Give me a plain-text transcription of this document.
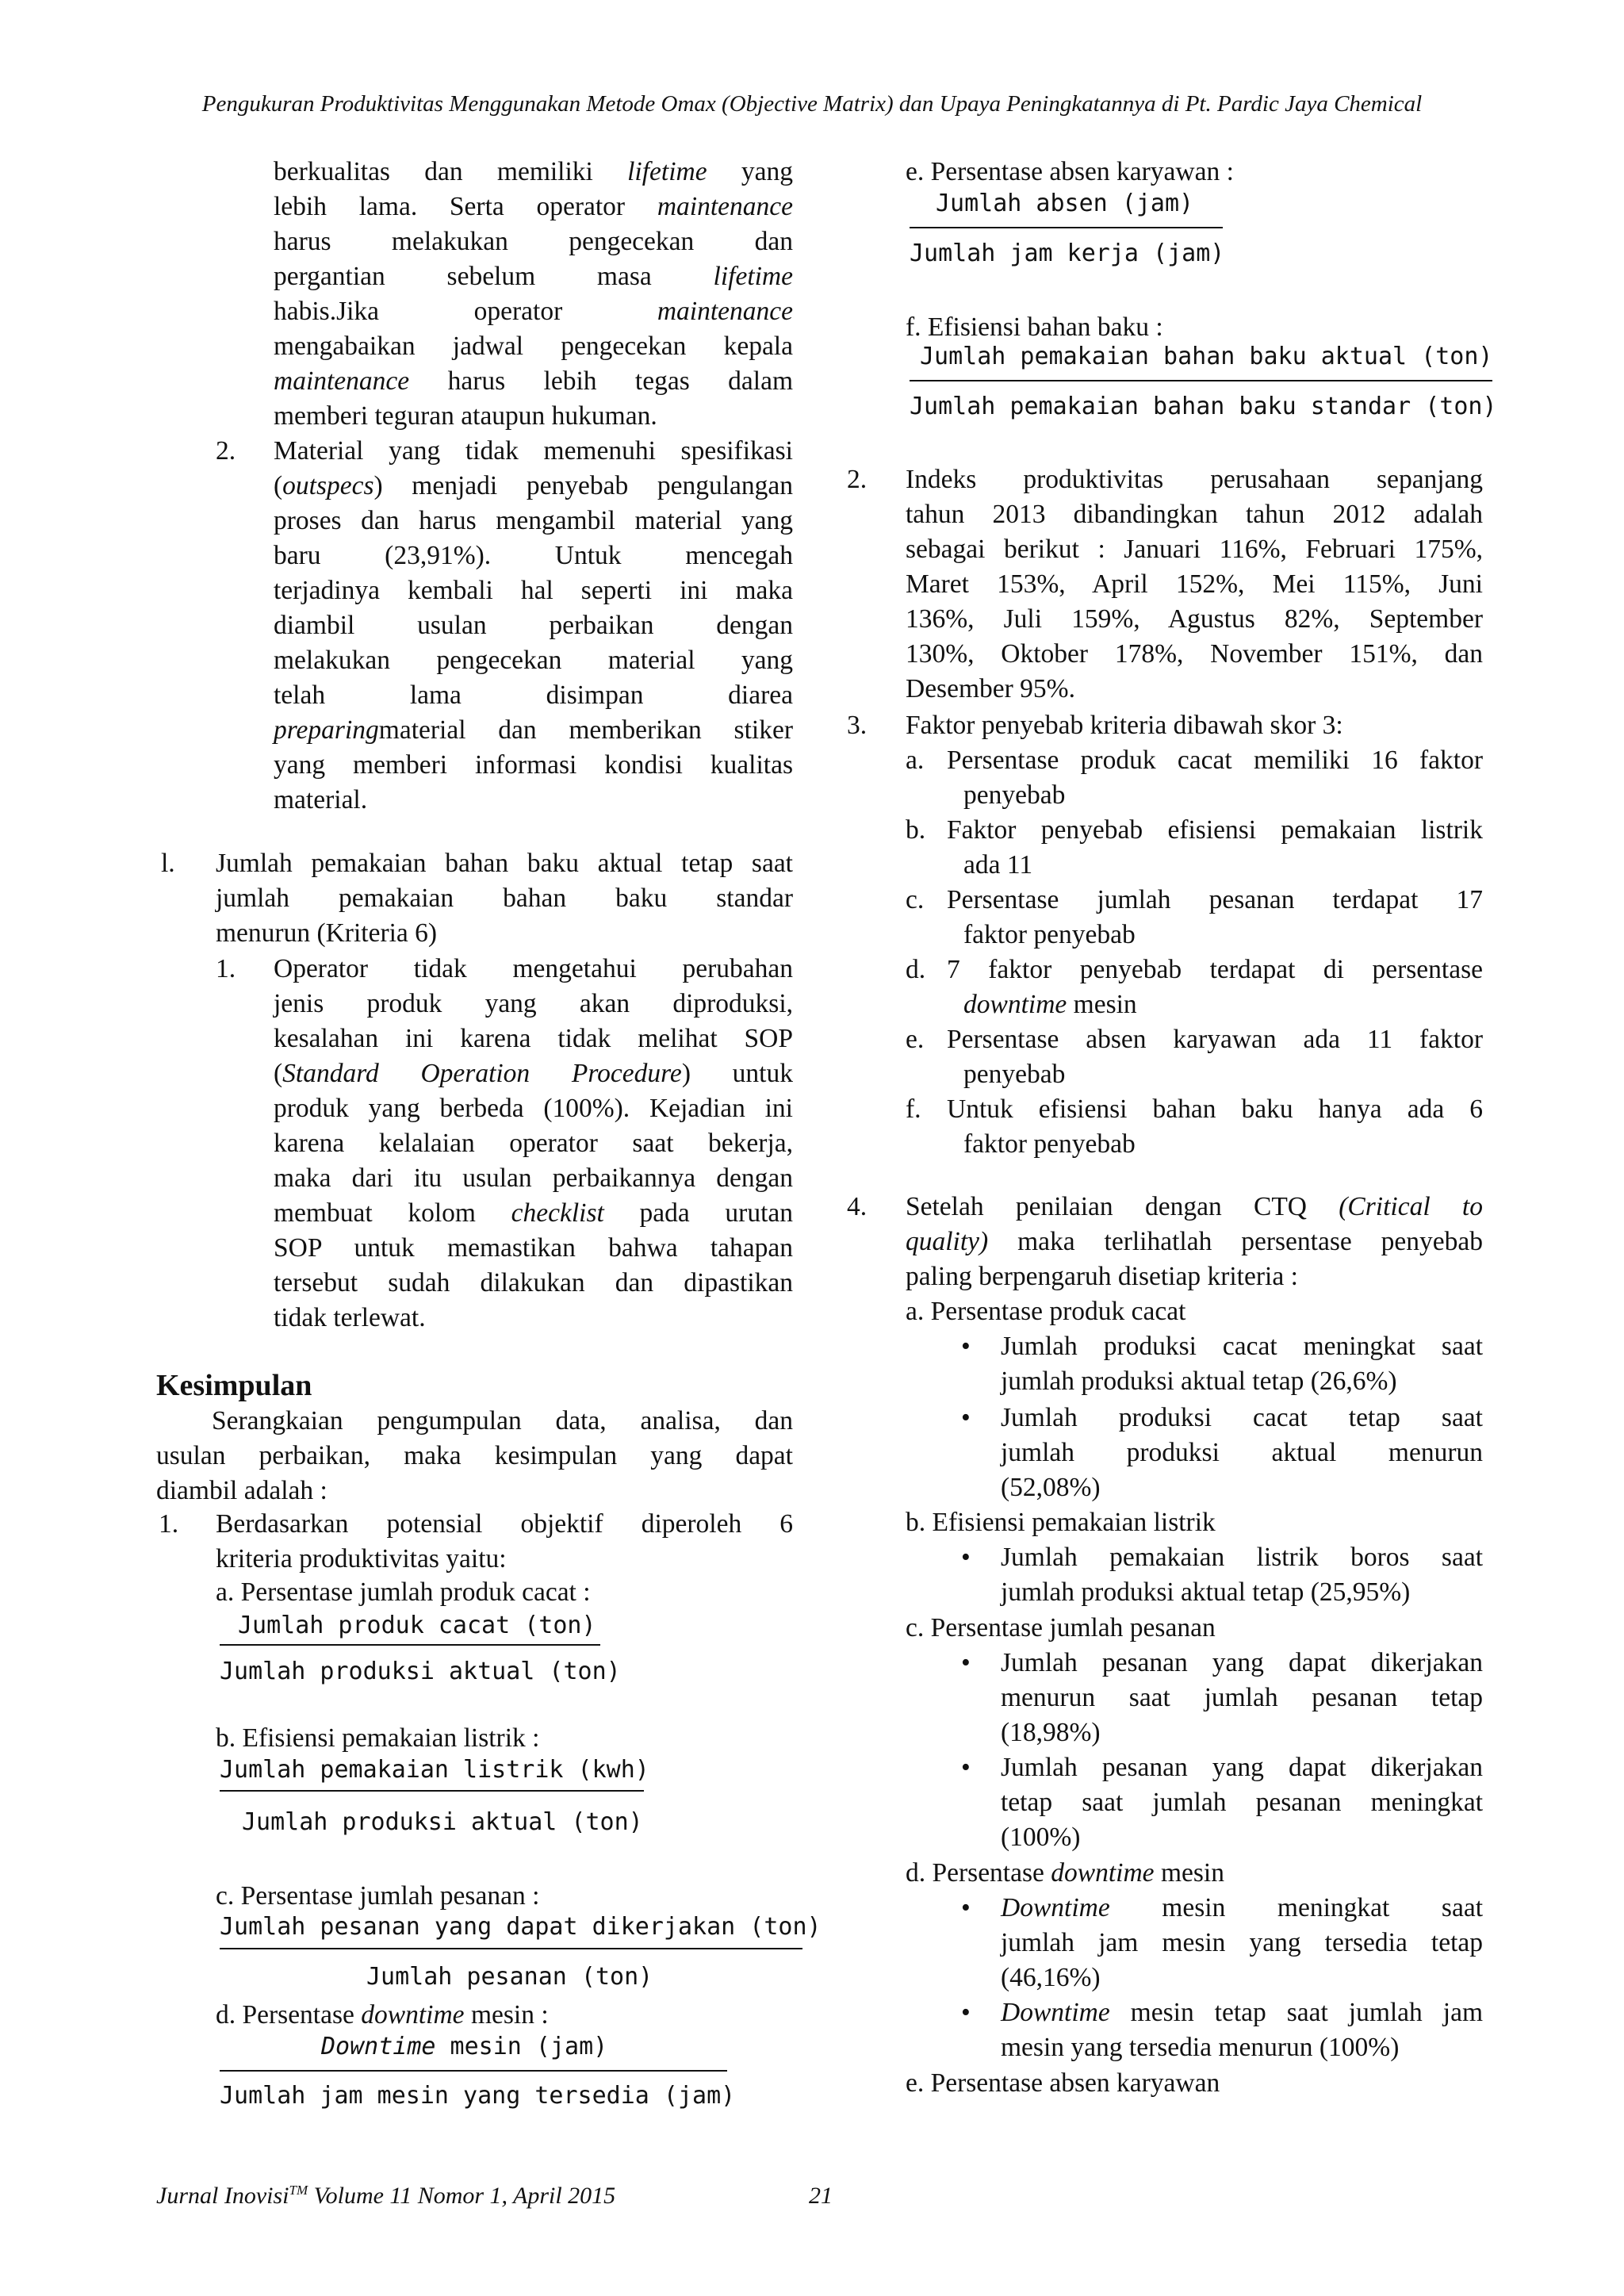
Pengukuran Produktivitas Menggunakan Metode Omax (Objective Matrix) dan Upaya Peningkatannya di Pt. Pardic Jaya Chemical
berkualitas dan memiliki lifetime yang
lebih lama. Serta operator maintenance
harus melakukan pengecekan dan
pergantian sebelum masa lifetime
habis.Jika operator maintenance
mengabaikan jadwal pengecekan kepala
maintenance harus lebih tegas dalam
memberi teguran ataupun hukuman.
2. Material yang tidak memenuhi spesifikasi
(outspecs) menjadi penyebab pengulangan
proses dan harus mengambil material yang
baru (23,91%). Untuk mencegah
terjadinya kembali hal seperti ini maka
diambil usulan perbaikan dengan
melakukan pengecekan material yang
telah lama disimpan diarea
preparingmaterial dan memberikan stiker
yang memberi informasi kondisi kualitas
material.
l. Jumlah pemakaian bahan baku aktual tetap saat
jumlah pemakaian bahan baku standar
menurun (Kriteria 6)
1. Operator tidak mengetahui perubahan
jenis produk yang akan diproduksi,
kesalahan ini karena tidak melihat SOP
(Standard Operation Procedure) untuk
produk yang berbeda (100%). Kejadian ini
karena kelalaian operator saat bekerja,
maka dari itu usulan perbaikannya dengan
membuat kolom checklist pada urutan
SOP untuk memastikan bahwa tahapan
tersebut sudah dilakukan dan dipastikan
tidak terlewat.
Kesimpulan
Serangkaian pengumpulan data, analisa, dan
usulan perbaikan, maka kesimpulan yang dapat
diambil adalah :
1. Berdasarkan potensial objektif diperoleh 6
kriteria produktivitas yaitu:
a. Persentase jumlah produk cacat :
Jumlah produk cacat (ton)
Jumlah produksi aktual (ton)
b. Efisiensi pemakaian listrik :
Jumlah pemakaian listrik (kwh)
Jumlah produksi aktual (ton)
c. Persentase jumlah pesanan :
Jumlah pesanan yang dapat dikerjakan (ton)
Jumlah pesanan (ton)
d. Persentase downtime mesin :
Downtime mesin (jam)
Jumlah jam mesin yang tersedia (jam)
e. Persentase absen karyawan :
Jumlah absen (jam)
Jumlah jam kerja (jam)
f. Efisiensi bahan baku :
Jumlah pemakaian bahan baku aktual (ton)
Jumlah pemakaian bahan baku standar (ton)
2. Indeks produktivitas perusahaan sepanjang
tahun 2013 dibandingkan tahun 2012 adalah
sebagai berikut : Januari 116%, Februari 175%,
Maret 153%, April 152%, Mei 115%, Juni
136%, Juli 159%, Agustus 82%, September
130%, Oktober 178%, November 151%, dan
Desember 95%.
3. Faktor penyebab kriteria dibawah skor 3:
a. Persentase produk cacat memiliki 16 faktor
penyebab
b. Faktor penyebab efisiensi pemakaian listrik
ada 11
c. Persentase jumlah pesanan terdapat 17
faktor penyebab
d. 7 faktor penyebab terdapat di persentase
downtime mesin
e. Persentase absen karyawan ada 11 faktor
penyebab
f. Untuk efisiensi bahan baku hanya ada 6
faktor penyebab
4. Setelah penilaian dengan CTQ (Critical to
quality) maka terlihatlah persentase penyebab
paling berpengaruh disetiap kriteria :
a. Persentase produk cacat
• Jumlah produksi cacat meningkat saat
jumlah produksi aktual tetap (26,6%)
• Jumlah produksi cacat tetap saat
jumlah produksi aktual menurun
(52,08%)
b. Efisiensi pemakaian listrik
• Jumlah pemakaian listrik boros saat
jumlah produksi aktual tetap (25,95%)
c. Persentase jumlah pesanan
• Jumlah pesanan yang dapat dikerjakan
menurun saat jumlah pesanan tetap
(18,98%)
• Jumlah pesanan yang dapat dikerjakan
tetap saat jumlah pesanan meningkat
(100%)
d. Persentase downtime mesin
• Downtime mesin meningkat saat
jumlah jam mesin yang tersedia tetap
(46,16%)
• Downtime mesin tetap saat jumlah jam
mesin yang tersedia menurun (100%)
e. Persentase absen karyawan
Jurnal Inovisi™ Volume 11 Nomor 1, April 2015	21
